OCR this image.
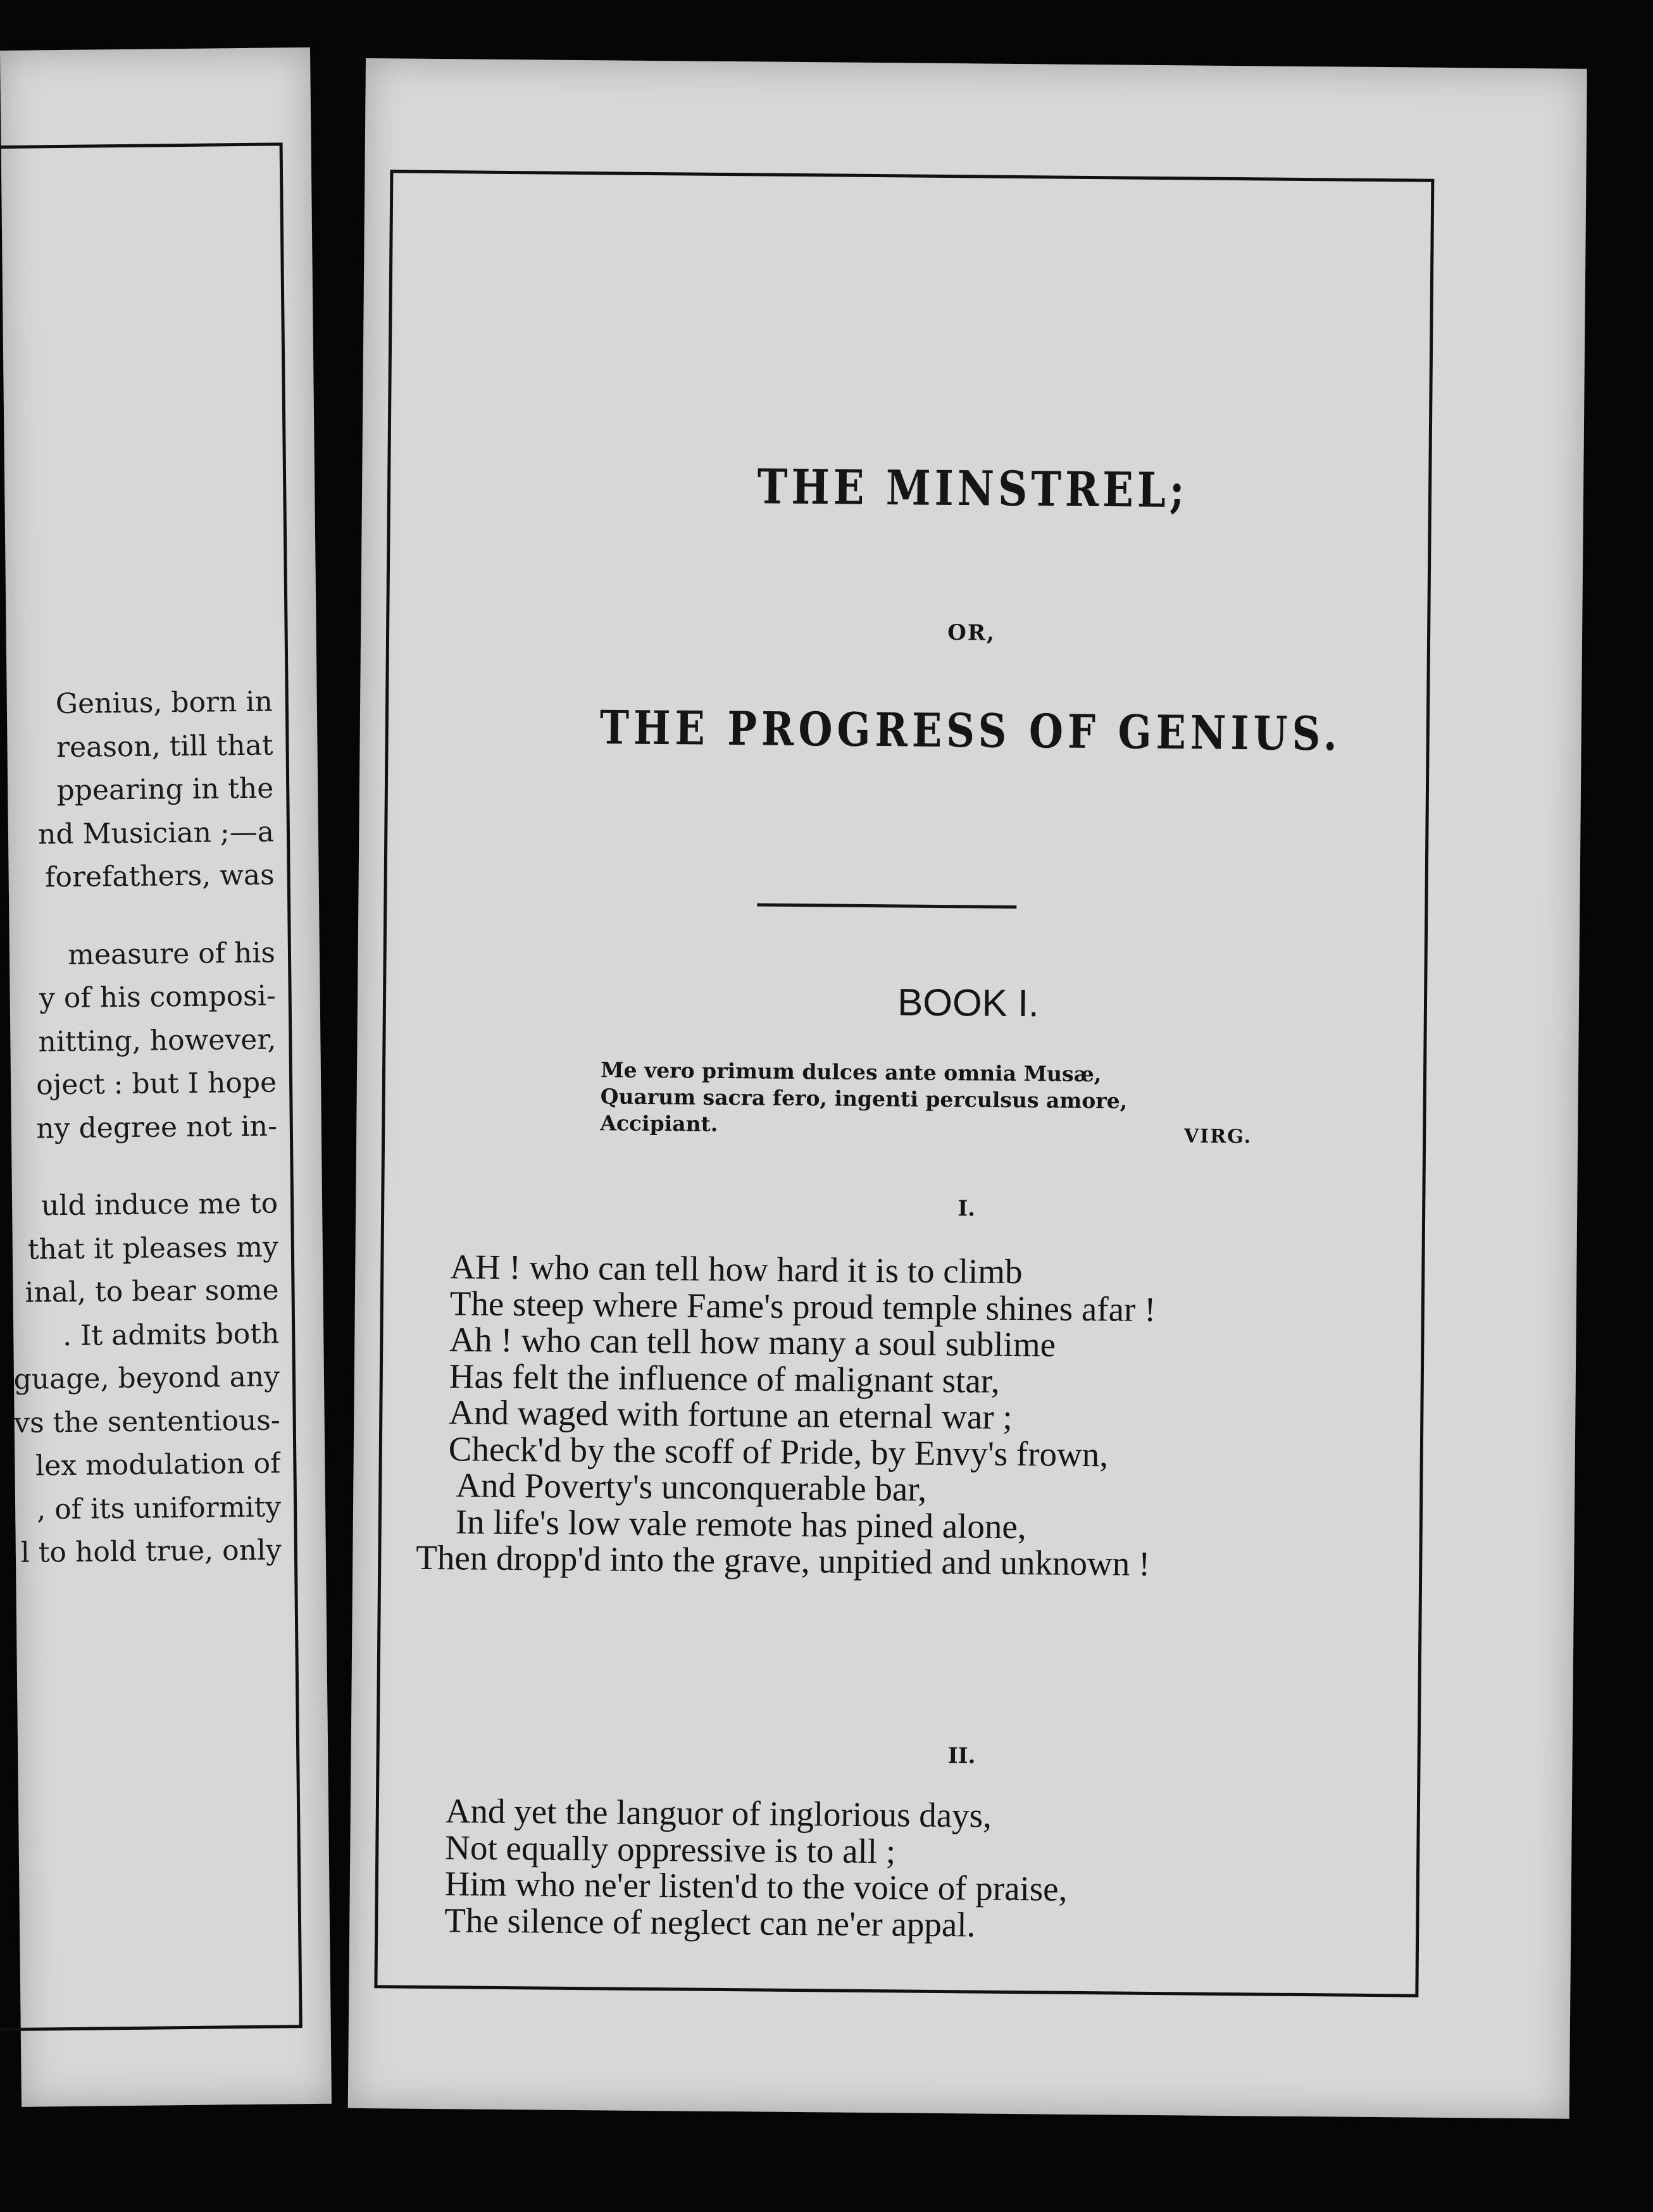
Genius, born in
reason, till that
ppearing in the
nd Musician ;—a
forefathers, was
measure of his
y of his composi-
nitting, however,
oject : but I hope
ny degree not in-
uld induce me to
that it pleases my
inal, to bear some
. It admits both
guage, beyond any
vs the sententious-
lex modulation of
, of its uniformity
l to hold true, only
THE MINSTREL;
OR,
THE PROGRESS OF GENIUS.
BOOK I.
Me vero primum dulces ante omnia Musæ,
Quarum sacra fero, ingenti perculsus amore,
Accipiant.
VIRG.
I.
AH ! who can tell how hard it is to climb
The steep where Fame's proud temple shines afar !
Ah ! who can tell how many a soul sublime
Has felt the influence of malignant star,
And waged with fortune an eternal war ;
Check'd by the scoff of Pride, by Envy's frown,
And Poverty's unconquerable bar,
In life's low vale remote has pined alone,
Then dropp'd into the grave, unpitied and unknown !
II.
And yet the languor of inglorious days,
Not equally oppressive is to all ;
Him who ne'er listen'd to the voice of praise,
The silence of neglect can ne'er appal.
